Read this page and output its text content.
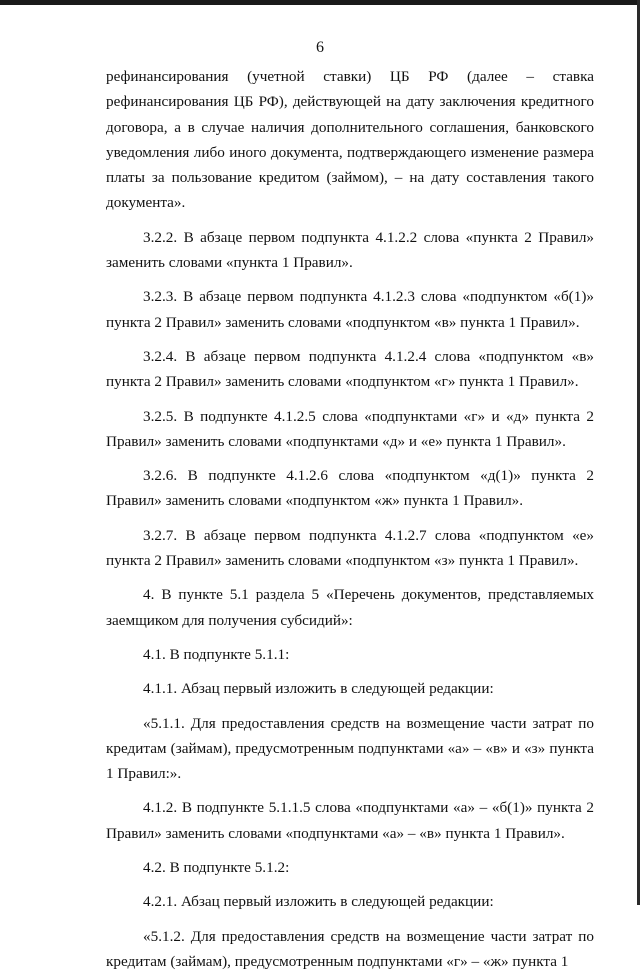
6

рефинансирования (учетной ставки) ЦБ РФ (далее – ставка рефинансирования ЦБ РФ), действующей на дату заключения кредитного договора, а в случае наличия дополнительного соглашения, банковского уведомления либо иного документа, подтверждающего изменение размера платы за пользование кредитом (займом), – на дату составления такого документа».

3.2.2. В абзаце первом подпункта 4.1.2.2 слова «пункта 2 Правил» заменить словами «пункта 1 Правил».

3.2.3. В абзаце первом подпункта 4.1.2.3 слова «подпунктом «б(1)» пункта 2 Правил» заменить словами «подпунктом «в» пункта 1 Правил».

3.2.4. В абзаце первом подпункта 4.1.2.4 слова «подпунктом «в» пункта 2 Правил» заменить словами «подпунктом «г» пункта 1 Правил».

3.2.5. В подпункте 4.1.2.5 слова «подпунктами «г» и «д» пункта 2 Правил» заменить словами «подпунктами «д» и «е» пункта 1 Правил».

3.2.6. В подпункте 4.1.2.6 слова «подпунктом «д(1)» пункта 2 Правил» заменить словами «подпунктом «ж» пункта 1 Правил».

3.2.7. В абзаце первом подпункта 4.1.2.7 слова «подпунктом «е» пункта 2 Правил» заменить словами «подпунктом «з» пункта 1 Правил».

4. В пункте 5.1 раздела 5 «Перечень документов, представляемых заемщиком для получения субсидий»:

4.1. В подпункте 5.1.1:

4.1.1. Абзац первый изложить в следующей редакции:

«5.1.1. Для предоставления средств на возмещение части затрат по кредитам (займам), предусмотренным подпунктами «а» – «в» и «з» пункта 1 Правил:».

4.1.2. В подпункте 5.1.1.5 слова «подпунктами «а» – «б(1)» пункта 2 Правил» заменить словами «подпунктами «а» – «в» пункта 1 Правил».

4.2. В подпункте 5.1.2:

4.2.1. Абзац первый изложить в следующей редакции:

«5.1.2. Для предоставления средств на возмещение части затрат по кредитам (займам), предусмотренным подпунктами «г» – «ж» пункта 1
